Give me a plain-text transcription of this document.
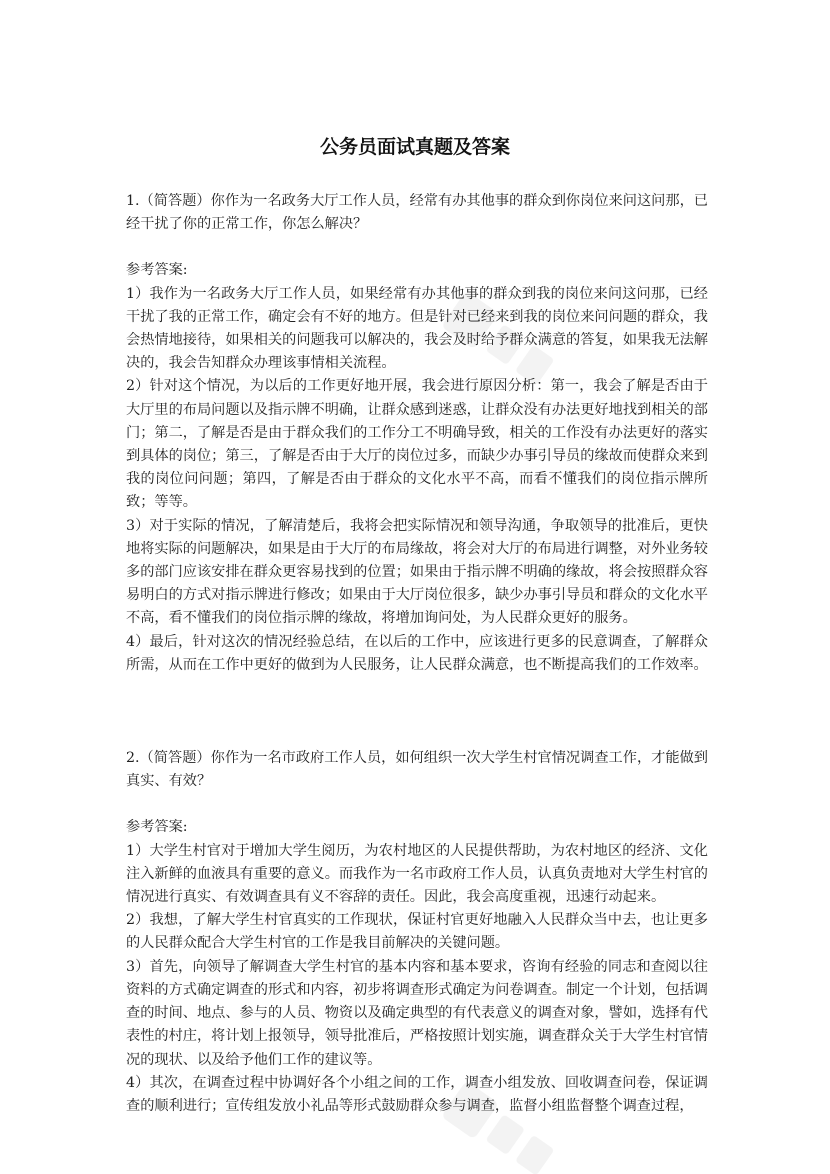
公务员面试真题及答案

1.（简答题）你作为一名政务大厅工作人员，经常有办其他事的群众到你岗位来问这问那，已经干扰了你的正常工作，你怎么解决？

参考答案:

1）我作为一名政务大厅工作人员，如果经常有办其他事的群众到我的岗位来问这问那，已经干扰了我的正常工作，确定会有不好的地方。但是针对已经来到我的岗位来问问题的群众，我会热情地接待，如果相关的问题我可以解决的，我会及时给予群众满意的答复，如果我无法解决的，我会告知群众办理该事情相关流程。

2）针对这个情况，为以后的工作更好地开展，我会进行原因分析：第一，我会了解是否由于大厅里的布局问题以及指示牌不明确，让群众感到迷惑，让群众没有办法更好地找到相关的部门；第二，了解是否是由于群众我们的工作分工不明确导致，相关的工作没有办法更好的落实到具体的岗位；第三，了解是否由于大厅的岗位过多，而缺少办事引导员的缘故而使群众来到我的岗位问问题；第四，了解是否由于群众的文化水平不高，而看不懂我们的岗位指示牌所致；等等。

3）对于实际的情况，了解清楚后，我将会把实际情况和领导沟通，争取领导的批准后，更快地将实际的问题解决，如果是由于大厅的布局缘故，将会对大厅的布局进行调整，对外业务较多的部门应该安排在群众更容易找到的位置；如果由于指示牌不明确的缘故，将会按照群众容易明白的方式对指示牌进行修改；如果由于大厅岗位很多，缺少办事引导员和群众的文化水平不高，看不懂我们的岗位指示牌的缘故，将增加询问处，为人民群众更好的服务。

4）最后，针对这次的情况经验总结，在以后的工作中，应该进行更多的民意调查，了解群众所需，从而在工作中更好的做到为人民服务，让人民群众满意，也不断提高我们的工作效率。

2.（简答题）你作为一名市政府工作人员，如何组织一次大学生村官情况调查工作，才能做到真实、有效？

参考答案:

1）大学生村官对于增加大学生阅历，为农村地区的人民提供帮助，为农村地区的经济、文化注入新鲜的血液具有重要的意义。而我作为一名市政府工作人员，认真负责地对大学生村官的情况进行真实、有效调查具有义不容辞的责任。因此，我会高度重视，迅速行动起来。

2）我想，了解大学生村官真实的工作现状，保证村官更好地融入人民群众当中去，也让更多的人民群众配合大学生村官的工作是我目前解决的关键问题。

3）首先，向领导了解调查大学生村官的基本内容和基本要求，咨询有经验的同志和查阅以往资料的方式确定调查的形式和内容，初步将调查形式确定为问卷调查。制定一个计划，包括调查的时间、地点、参与的人员、物资以及确定典型的有代表意义的调查对象，譬如，选择有代表性的村庄，将计划上报领导，领导批准后，严格按照计划实施，调查群众关于大学生村官情况的现状、以及给予他们工作的建议等。

4）其次，在调查过程中协调好各个小组之间的工作，调查小组发放、回收调查问卷，保证调查的顺利进行；宣传组发放小礼品等形式鼓励群众参与调查，监督小组监督整个调查过程，
